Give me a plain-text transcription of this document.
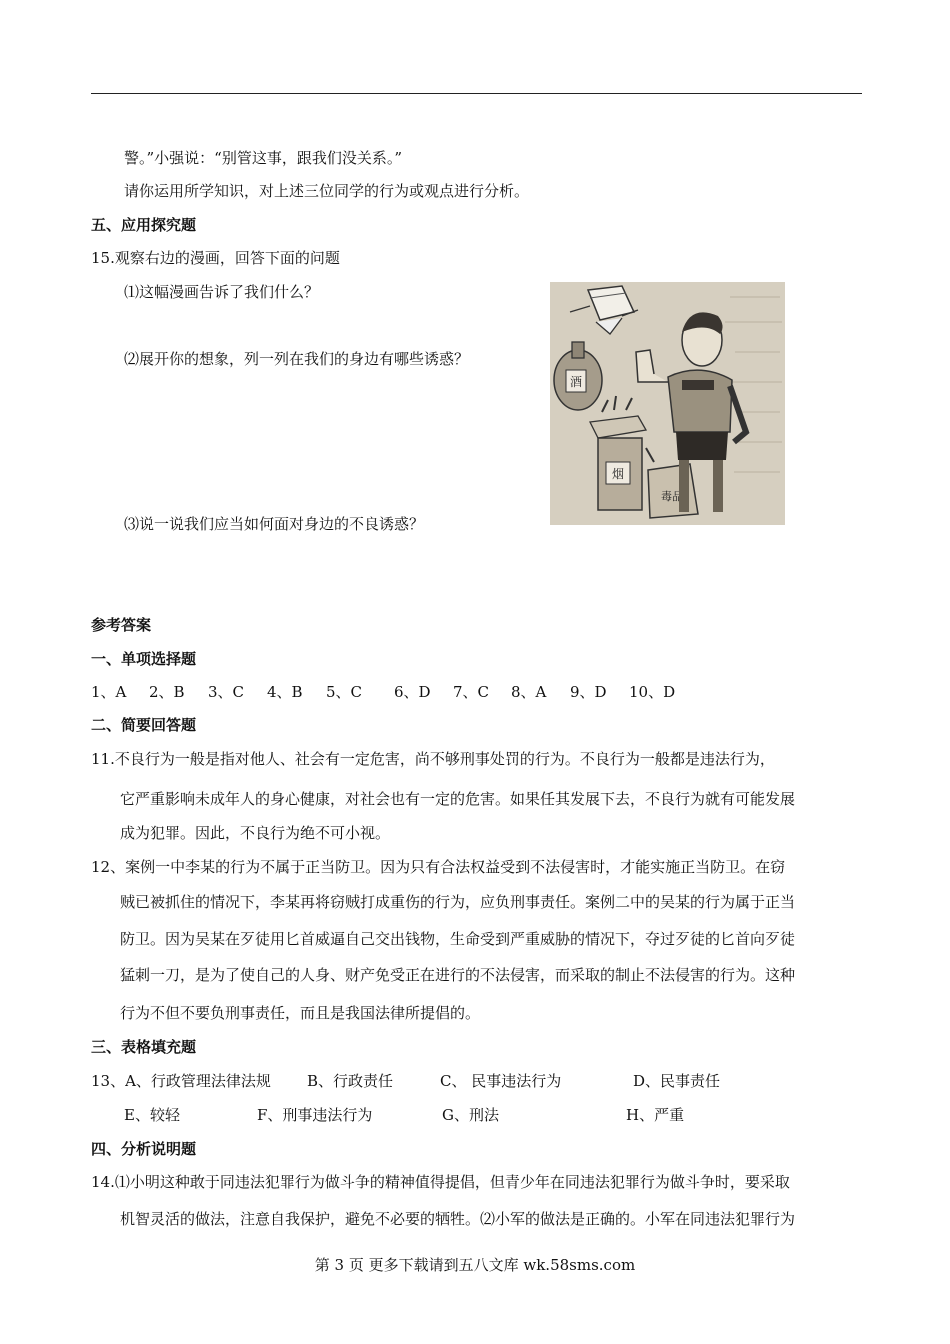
警。”小强说：“别管这事，跟我们没关系。”
请你运用所学知识，对上述三位同学的行为或观点进行分析。
五、应用探究题
15.观察右边的漫画，回答下面的问题
⑴这幅漫画告诉了我们什么？
⑵展开你的想象，列一列在我们的身边有哪些诱惑？
⑶说一说我们应当如何面对身边的不良诱惑？
酒
烟
毒品
参考答案
一、单项选择题
1、A 2、B 3、C 4、B 5、C 6、D 7、C 8、A 9、D 10、D
二、简要回答题
11.不良行为一般是指对他人、社会有一定危害，尚不够刑事处罚的行为。不良行为一般都是违法行为，
它严重影响未成年人的身心健康，对社会也有一定的危害。如果任其发展下去，不良行为就有可能发展
成为犯罪。因此，不良行为绝不可小视。
12、案例一中李某的行为不属于正当防卫。因为只有合法权益受到不法侵害时，才能实施正当防卫。在窃
贼已被抓住的情况下，李某再将窃贼打成重伤的行为，应负刑事责任。案例二中的吴某的行为属于正当
防卫。因为吴某在歹徒用匕首威逼自己交出钱物，生命受到严重威胁的情况下，夺过歹徒的匕首向歹徒
猛刺一刀，是为了使自己的人身、财产免受正在进行的不法侵害，而采取的制止不法侵害的行为。这种
行为不但不要负刑事责任，而且是我国法律所提倡的。
三、表格填充题
13、A、行政管理法律法规 B、行政责任	C、 民事违法行为	D、民事责任
E、较轻	F、刑事违法行为	G、刑法	H、严重
四、分析说明题
14.⑴小明这种敢于同违法犯罪行为做斗争的精神值得提倡，但青少年在同违法犯罪行为做斗争时，要采取
机智灵活的做法，注意自我保护，避免不必要的牺牲。⑵小军的做法是正确的。小军在同违法犯罪行为
第 3 页 更多下载请到五八文库 wk.58sms.com
